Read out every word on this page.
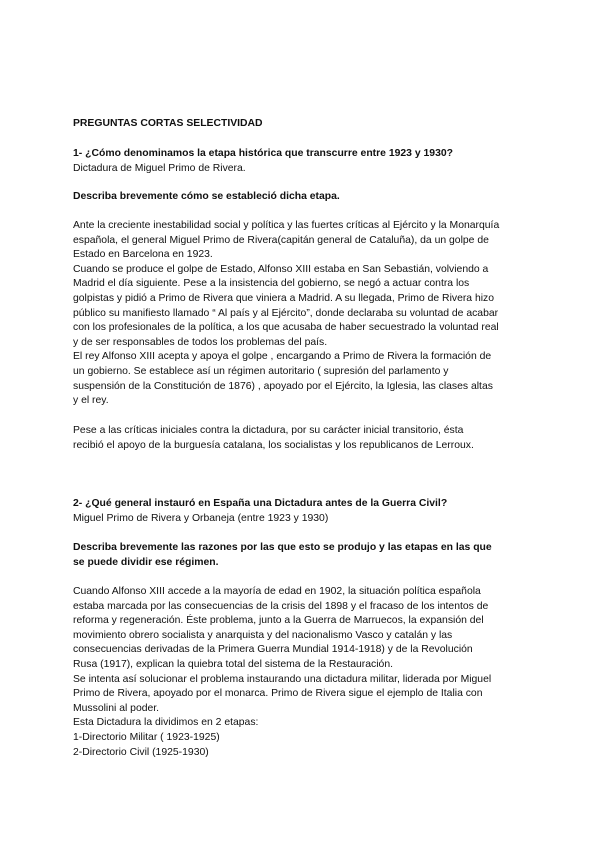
PREGUNTAS CORTAS SELECTIVIDAD

1- ¿Cómo denominamos la etapa histórica que transcurre entre 1923 y 1930?

Dictadura de Miguel Primo de Rivera.

Describa brevemente cómo se estableció dicha etapa.

Ante la creciente inestabilidad social y política y las fuertes críticas al Ejército y la Monarquía
española, el general Miguel Primo de Rivera(capitán general de Cataluña), da un golpe de
Estado en Barcelona en 1923.
Cuando se produce el golpe de Estado, Alfonso XIII estaba en San Sebastián, volviendo a
Madrid el día siguiente. Pese a la insistencia del gobierno, se negó a actuar contra los
golpistas y pidió a Primo de Rivera que viniera a Madrid. A su llegada, Primo de Rivera hizo
público su manifiesto llamado “ Al país y al Ejército”, donde declaraba su voluntad de acabar
con los profesionales de la política, a los que acusaba de haber secuestrado la voluntad real
y de ser responsables de todos los problemas del país.
El rey Alfonso XIII acepta y apoya el golpe , encargando a Primo de Rivera la formación de
un gobierno. Se establece así un régimen autoritario ( supresión del parlamento y
suspensión de la Constitución de 1876) , apoyado por el Ejército, la Iglesia, las clases altas
y el rey.

Pese a las críticas iniciales contra la dictadura, por su carácter inicial transitorio, ésta
recibió el apoyo de la burguesía catalana, los socialistas y los republicanos de Lerroux.

2- ¿Qué general instauró en España una Dictadura antes de la Guerra Civil?

Miguel Primo de Rivera y Orbaneja (entre 1923 y 1930)

Describa brevemente las razones por las que esto se produjo y las etapas en las que
se puede dividir ese régimen.

Cuando Alfonso XIII accede a la mayoría de edad en 1902, la situación política española
estaba marcada por las consecuencias de la crisis del 1898 y el fracaso de los intentos de
reforma y regeneración. Éste problema, junto a la Guerra de Marruecos, la expansión del
movimiento obrero socialista y anarquista y del nacionalismo Vasco y catalán y las
consecuencias derivadas de la Primera Guerra Mundial 1914-1918) y de la Revolución
Rusa (1917), explican la quiebra total del sistema de la Restauración.
Se intenta así solucionar el problema instaurando una dictadura militar, liderada por Miguel
Primo de Rivera, apoyado por el monarca. Primo de Rivera sigue el ejemplo de Italia con
Mussolini al poder.
Esta Dictadura la dividimos en 2 etapas:
1-Directorio Militar ( 1923-1925)
2-Directorio Civil (1925-1930)
